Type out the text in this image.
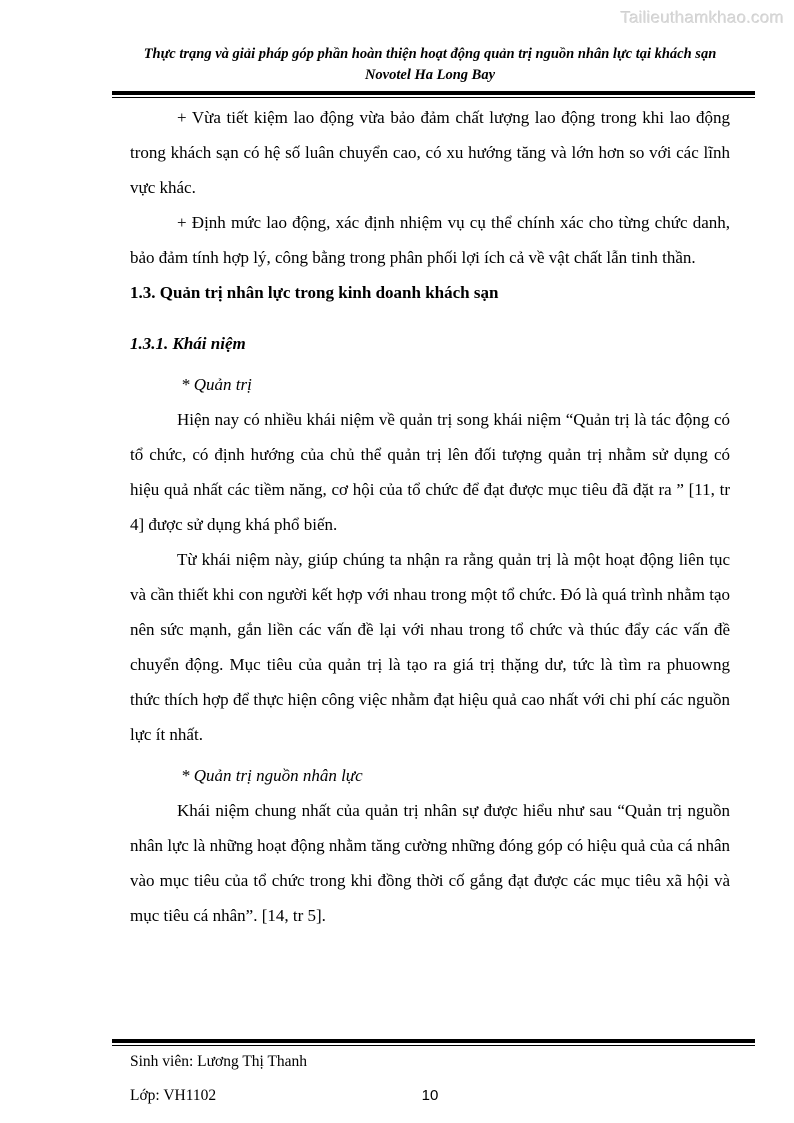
Tailieuthamkhao.com
Thực trạng và giải pháp góp phần hoàn thiện hoạt động quản trị nguồn nhân lực tại khách sạn
Novotel Ha Long Bay

+ Vừa tiết kiệm lao động vừa bảo đảm chất lượng lao động trong khi lao động trong khách sạn có hệ số luân chuyển cao, có xu hướng tăng và lớn hơn so với các lĩnh vực khác.

+ Định mức lao động, xác định nhiệm vụ cụ thể chính xác cho từng chức danh, bảo đảm tính hợp lý, công bằng trong phân phối lợi ích cả về vật chất lẫn tinh thần.

1.3. Quản trị nhân lực trong kinh doanh khách sạn

1.3.1. Khái niệm

* Quản trị

Hiện nay có nhiều khái niệm về quản trị song khái niệm “Quản trị là tác động có tổ chức, có định hướng của chủ thể quản trị lên đối tượng quản trị nhằm sử dụng có hiệu quả nhất các tiềm năng, cơ hội của tổ chức để đạt được mục tiêu đã đặt ra ” [11, tr 4] được sử dụng khá phổ biến.

Từ khái niệm này, giúp chúng ta nhận ra rằng quản trị là một hoạt động liên tục và cần thiết khi con người kết hợp với nhau trong một tổ chức. Đó là quá trình nhằm tạo nên sức mạnh, gắn liền các vấn đề lại với nhau trong tổ chức và thúc đẩy các vấn đề chuyển động. Mục tiêu của quản trị là tạo ra giá trị thặng dư, tức là tìm ra phuowng thức thích hợp để thực hiện công việc nhằm đạt hiệu quả cao nhất với chi phí các nguồn lực ít nhất.

* Quản trị nguồn nhân lực

Khái niệm chung nhất của quản trị nhân sự được hiểu như sau “Quản trị nguồn nhân lực là những hoạt động nhằm tăng cường những đóng góp có hiệu quả của cá nhân vào mục tiêu của tổ chức trong khi đồng thời cố gắng đạt được các mục tiêu xã hội và mục tiêu cá nhân”. [14, tr 5].

Sinh viên: Lương Thị Thanh
Lớp: VH1102	10
